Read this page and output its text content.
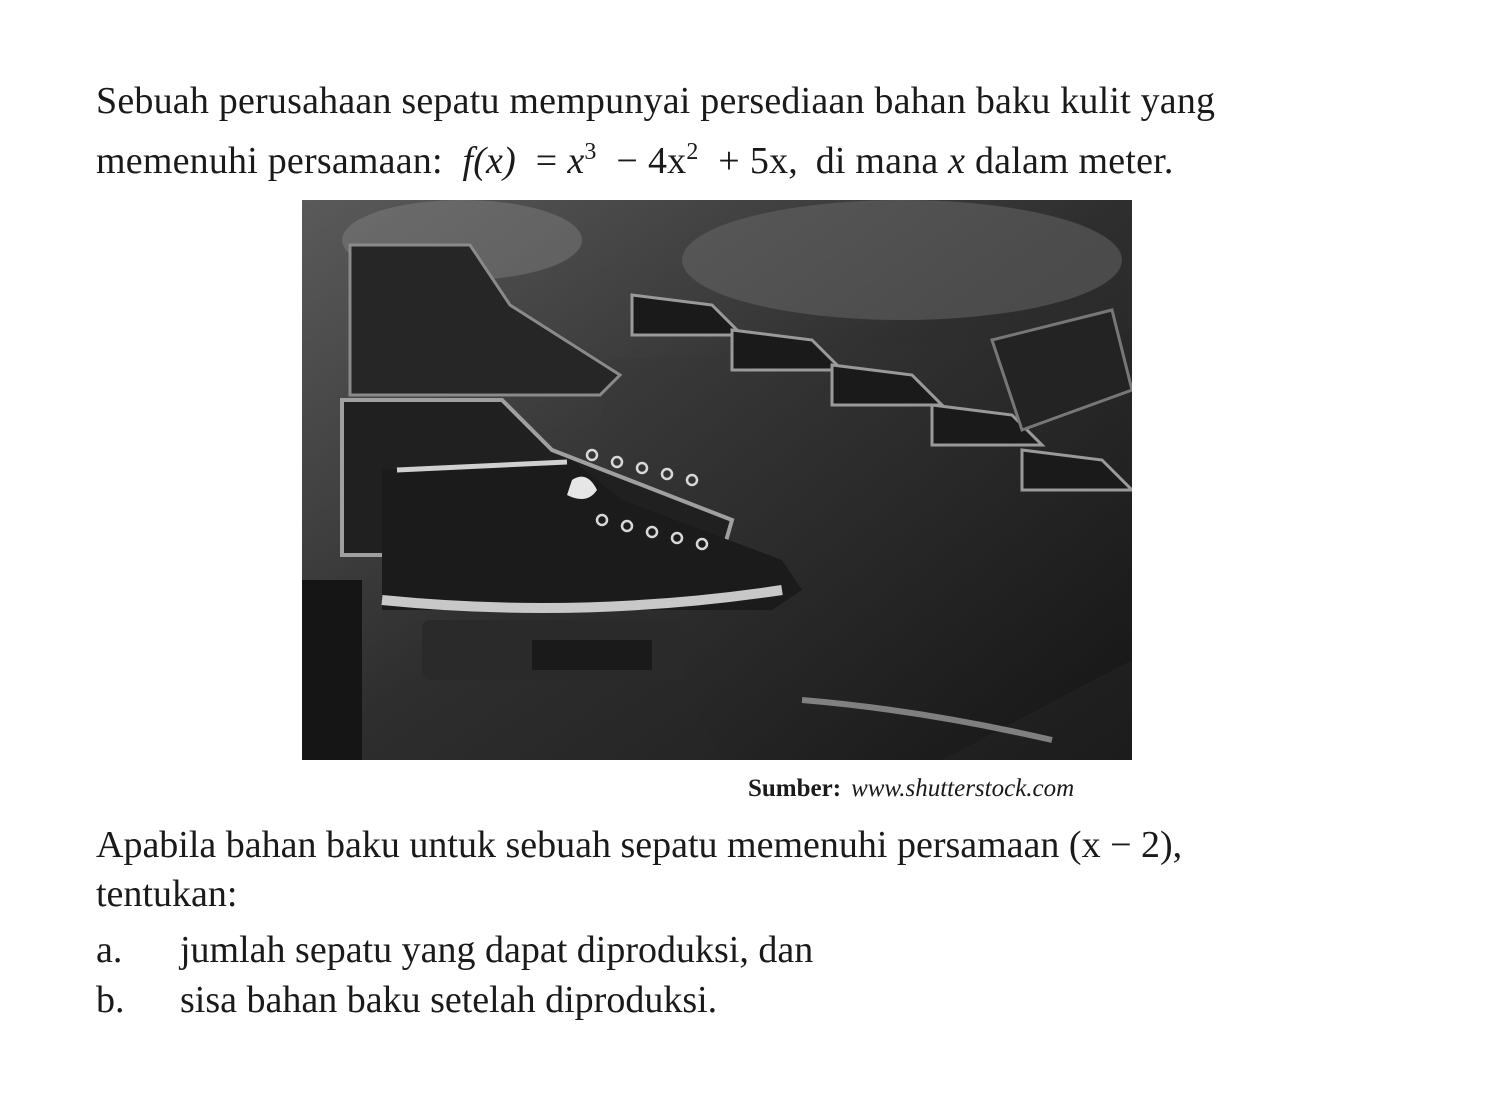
Sebuah perusahaan sepatu mempunyai persediaan bahan baku kulit yang
memenuhi persamaan: $f(x) = x^3 - 4x^2 + 5x$, di mana x dalam meter.
Sumber: www.shutterstock.com
Apabila bahan baku untuk sebuah sepatu memenuhi persamaan (x − 2),
tentukan:
a. jumlah sepatu yang dapat diproduksi, dan
b. sisa bahan baku setelah diproduksi.
